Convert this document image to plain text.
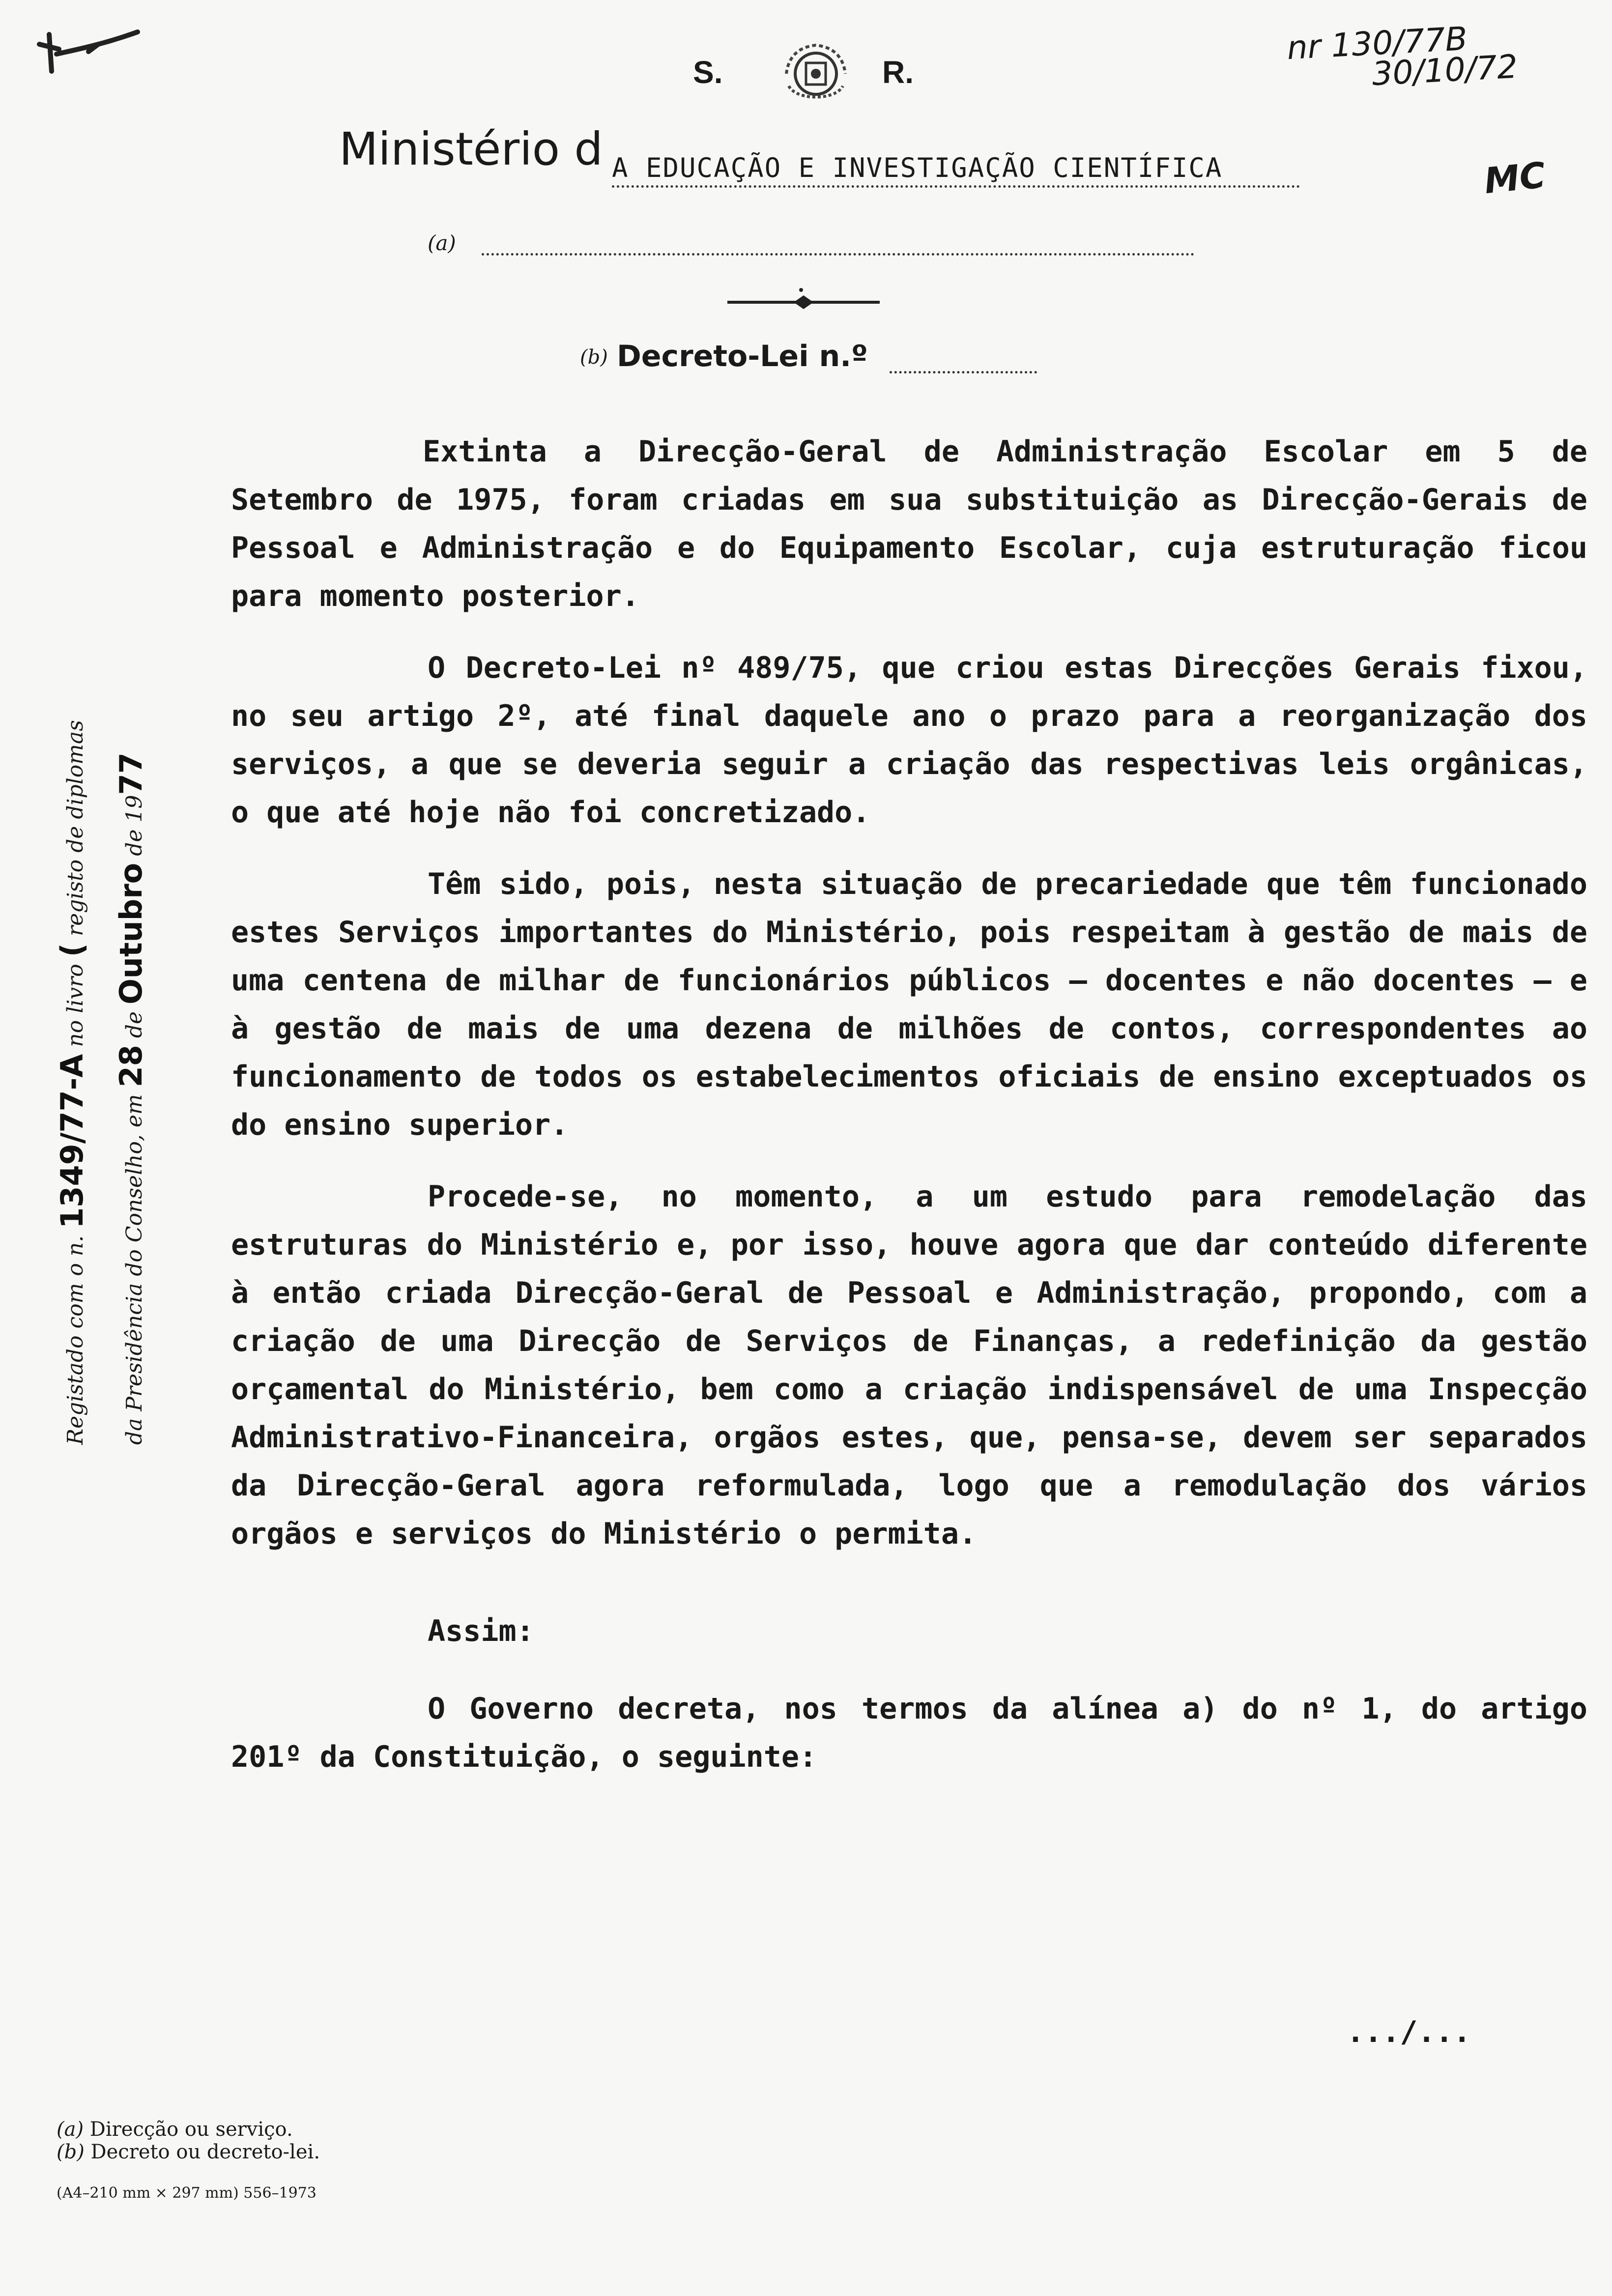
S.	R.
nr 130/77B
30/10/72
Ministério d A EDUCAÇÃO E INVESTIGAÇÃO CIENTÍFICA	MC
(a)
(b) Decreto-Lei n.º
Registado com o n. 1349/77-A no livro ( registo de diplomas
da Presidência do Conselho, em 28 de Outubro de 1977

Extinta a Direcção-Geral de Administração Escolar em 5 de Setembro de 1975, foram criadas em sua substituição as Direcção-Gerais de Pessoal e Administração e do Equipamento Escolar, cuja estruturação ficou para momento posterior.

O Decreto-Lei nº 489/75, que criou estas Direcções Gerais fixou, no seu artigo 2º, até final daquele ano o prazo para a reorganização dos serviços, a que se deveria seguir a criação das respectivas leis orgânicas, o que até hoje não foi concretizado.

Têm sido, pois, nesta situação de precariedade que têm funcionado estes Serviços importantes do Ministério, pois respeitam à gestão de mais de uma centena de milhar de funcionários públicos — docentes e não docentes — e à gestão de mais de uma dezena de milhões de contos, correspondentes ao funcionamento de todos os estabelecimentos oficiais de ensino exceptuados os do ensino superior.

Procede-se, no momento, a um estudo para remodelação das estruturas do Ministério e, por isso, houve agora que dar conteúdo diferente à então criada Direcção-Geral de Pessoal e Administração, propondo, com a criação de uma Direcção de Serviços de Finanças, a redefinição da gestão orçamental do Ministério, bem como a criação indispensável de uma Inspecção Administrativo-Financeira, orgãos estes, que, pensa-se, devem ser separados da Direcção-Geral agora reformulada, logo que a remodulação dos vários orgãos e serviços do Ministério o permita.

Assim:

O Governo decreta, nos termos da alínea a) do nº 1, do artigo 201º da Constituição, o seguinte:

.../...
(a) Direcção ou serviço.
(b) Decreto ou decreto-lei.
(A4–210 mm × 297 mm) 556–1973
